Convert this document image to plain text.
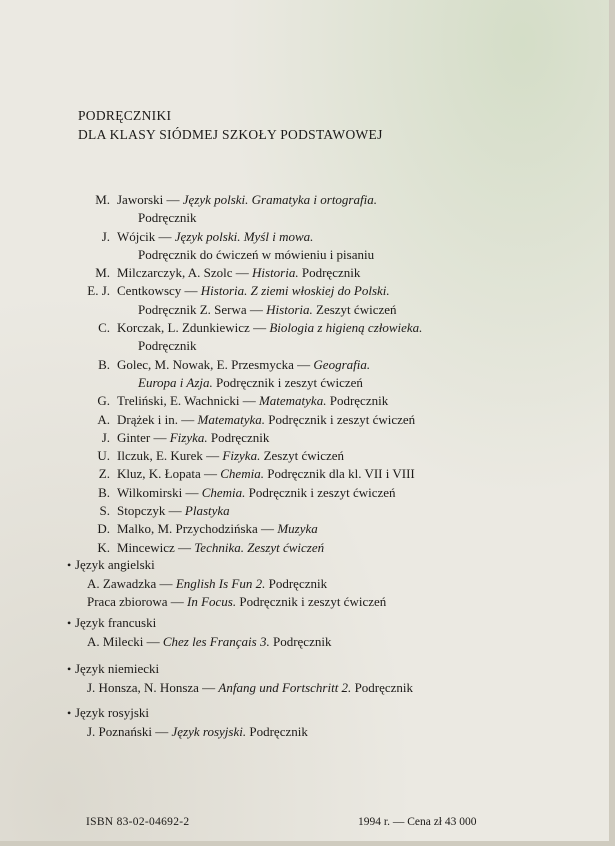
PODRĘCZNIKI
DLA KLASY SIÓDMEJ SZKOŁY PODSTAWOWEJ
M. Jaworski — Język polski. Gramatyka i ortografia.
Podręcznik
J. Wójcik — Język polski. Myśl i mowa.
Podręcznik do ćwiczeń w mówieniu i pisaniu
M. Milczarczyk, A. Szolc — Historia. Podręcznik
E. J. Centkowscy — Historia. Z ziemi włoskiej do Polski.
Podręcznik Z. Serwa — Historia. Zeszyt ćwiczeń
C. Korczak, L. Zdunkiewicz — Biologia z higieną człowieka.
Podręcznik
B. Golec, M. Nowak, E. Przesmycka — Geografia.
Europa i Azja. Podręcznik i zeszyt ćwiczeń
G. Treliński, E. Wachnicki — Matematyka. Podręcznik
A. Drążek i in. — Matematyka. Podręcznik i zeszyt ćwiczeń
J. Ginter — Fizyka. Podręcznik
U. Ilczuk, E. Kurek — Fizyka. Zeszyt ćwiczeń
Z. Kluz, K. Łopata — Chemia. Podręcznik dla kl. VII i VIII
B. Wilkomirski — Chemia. Podręcznik i zeszyt ćwiczeń
S. Stopczyk — Plastyka
D. Malko, M. Przychodzińska — Muzyka
K. Mincewicz — Technika. Zeszyt ćwiczeń
• Język angielski
A. Zawadzka — English Is Fun 2. Podręcznik
Praca zbiorowa — In Focus. Podręcznik i zeszyt ćwiczeń
• Język francuski
A. Milecki — Chez les Français 3. Podręcznik
• Język niemiecki
J. Honsza, N. Honsza — Anfang und Fortschritt 2. Podręcznik
• Język rosyjski
J. Poznański — Język rosyjski. Podręcznik
ISBN 83-02-04692-2	1994 r. — Cena zł 43 000
